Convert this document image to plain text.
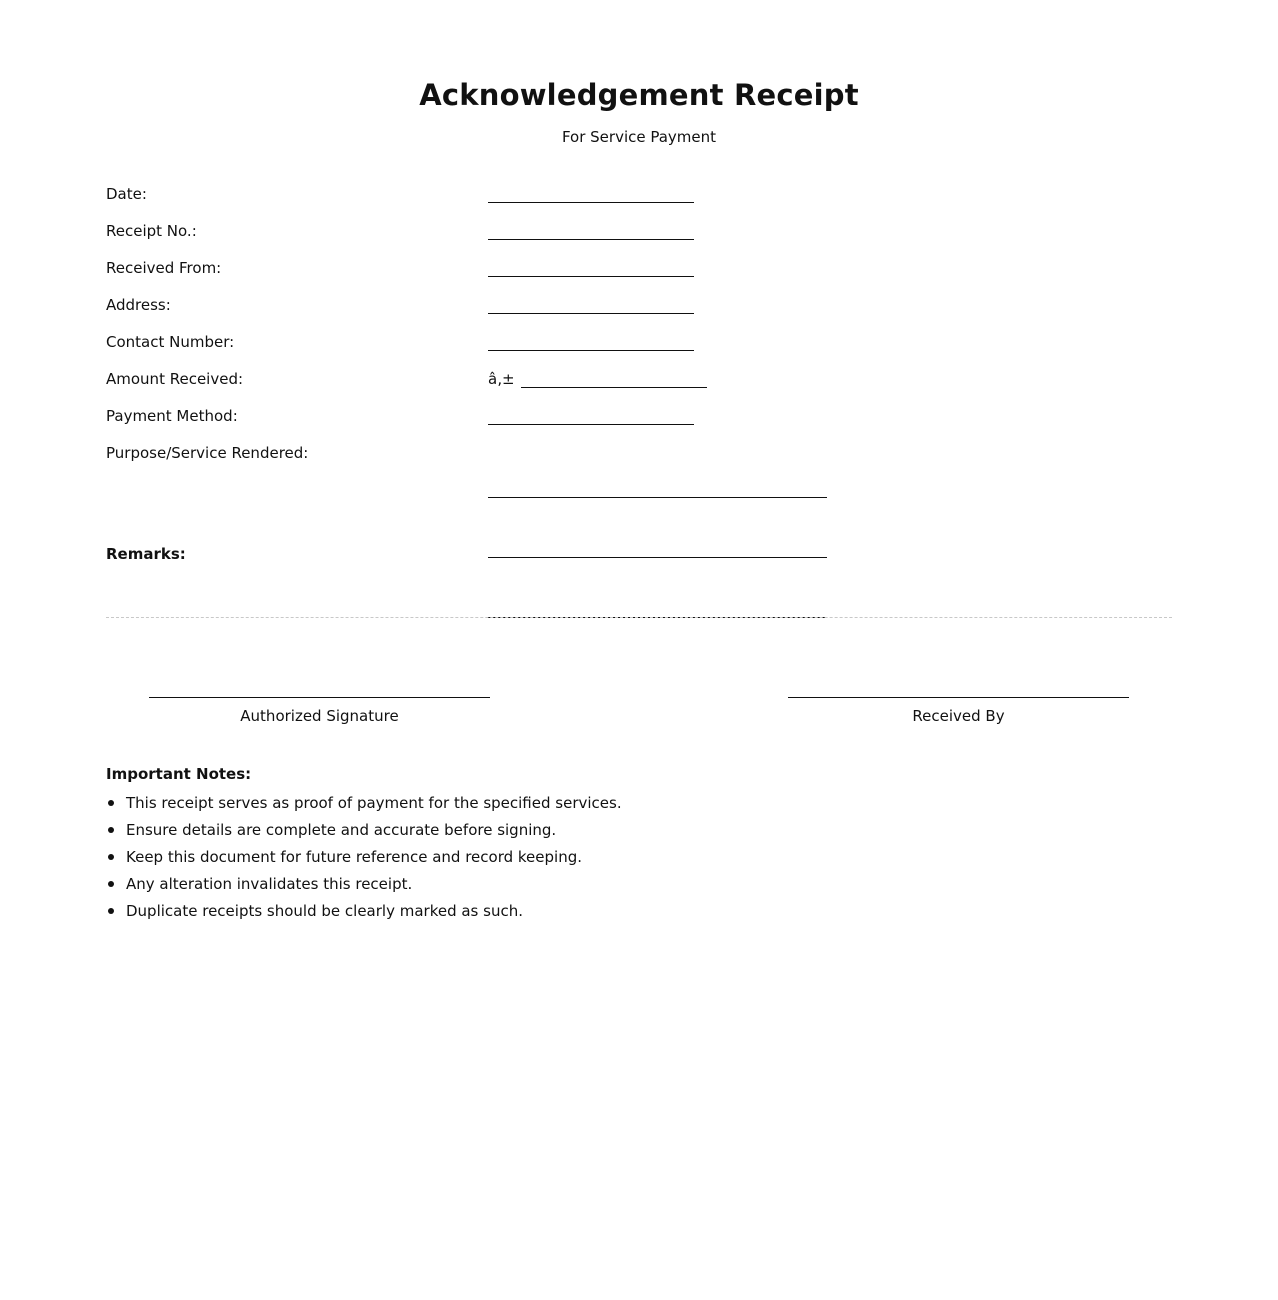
Acknowledgement Receipt

For Service Payment

Date:
Receipt No.:
Received From:
Address:
Contact Number:
Amount Received:	â‚±
Payment Method:
Purpose/Service Rendered:

Remarks:
Authorized Signature	Received By
Important Notes:
This receipt serves as proof of payment for the specified services.
Ensure details are complete and accurate before signing.
Keep this document for future reference and record keeping.
Any alteration invalidates this receipt.
Duplicate receipts should be clearly marked as such.
